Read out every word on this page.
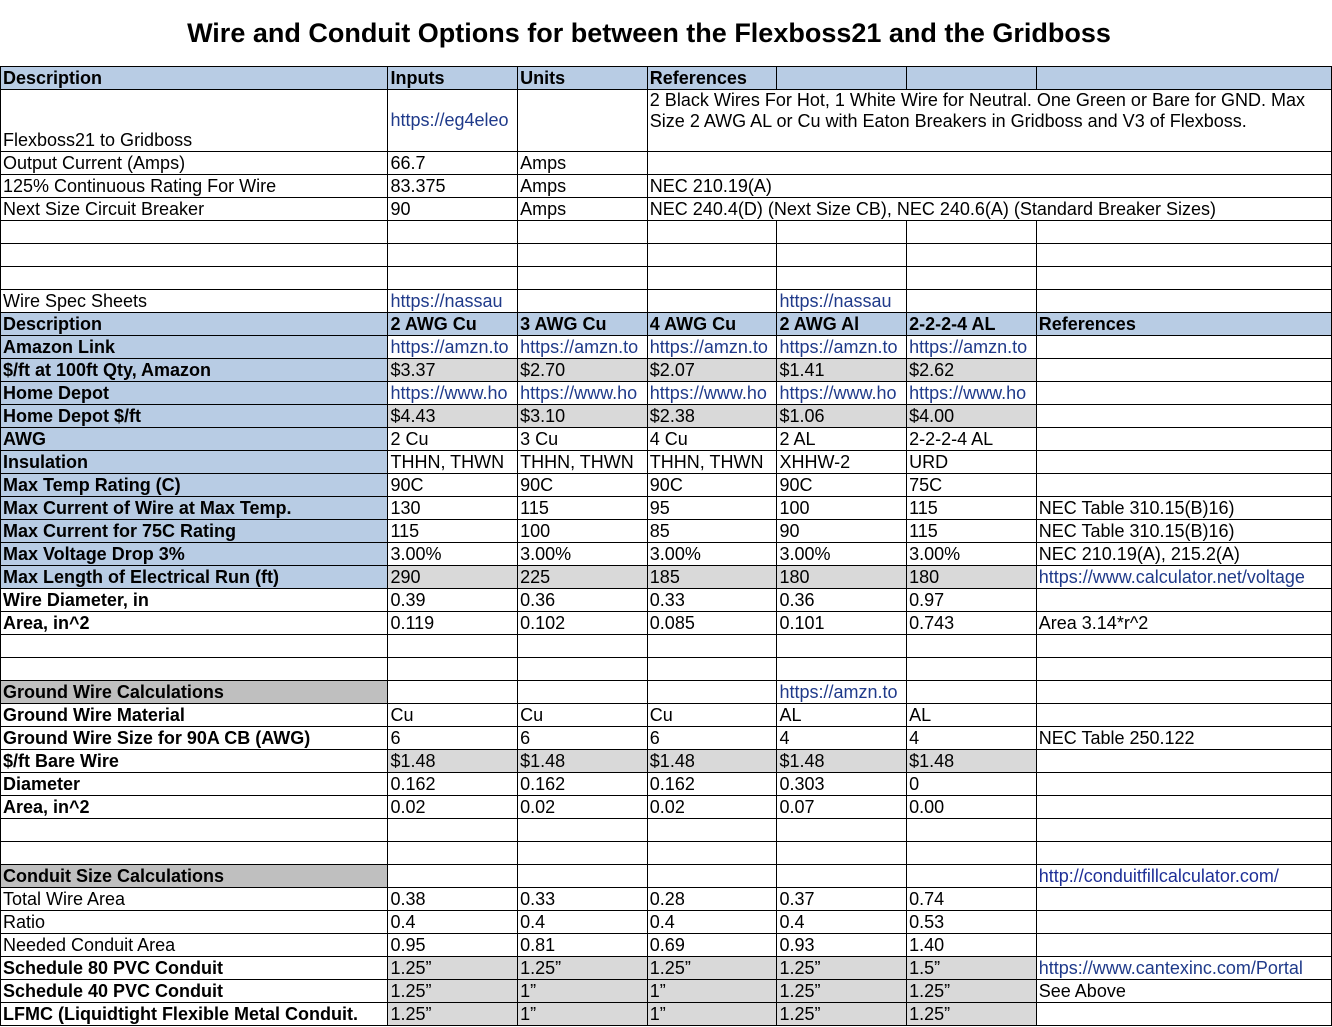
Wire and Conduit Options for between the Flexboss21 and the Gridboss
Description	Inputs	Units	References			
Flexboss21 to Gridboss	https://eg4eleo		2 Black Wires For Hot, 1 White Wire for Neutral. One Green or Bare for GND. Max Size 2 AWG AL or Cu with Eaton Breakers in Gridboss and V3 of Flexboss.			
Output Current (Amps)	66.7	Amps				
125% Continuous Rating For Wire	83.375	Amps	NEC 210.19(A)			
Next Size Circuit Breaker	90	Amps	NEC 240.4(D) (Next Size CB), NEC 240.6(A) (Standard Breaker Sizes)			

Wire Spec Sheets	https://nassau			https://nassau		
Description	2 AWG Cu	3 AWG Cu	4 AWG Cu	2 AWG Al	2-2-2-4 AL	References
Amazon Link	https://amzn.to	https://amzn.to	https://amzn.to	https://amzn.to	https://amzn.to	
$/ft at 100ft Qty, Amazon	$3.37	$2.70	$2.07	$1.41	$2.62	
Home Depot	https://www.ho	https://www.ho	https://www.ho	https://www.ho	https://www.ho	
Home Depot $/ft	$4.43	$3.10	$2.38	$1.06	$4.00	
AWG	2 Cu	3 Cu	4 Cu	2 AL	2-2-2-4 AL	
Insulation	THHN, THWN	THHN, THWN	THHN, THWN	XHHW-2	URD	
Max Temp Rating (C)	90C	90C	90C	90C	75C	
Max Current of Wire at Max Temp.	130	115	95	100	115	NEC Table 310.15(B)16)
Max Current for 75C Rating	115	100	85	90	115	NEC Table 310.15(B)16)
Max Voltage Drop 3%	3.00%	3.00%	3.00%	3.00%	3.00%	NEC 210.19(A), 215.2(A)
Max Length of Electrical Run (ft)	290	225	185	180	180	https://www.calculator.net/voltage
Wire Diameter, in	0.39	0.36	0.33	0.36	0.97	
Area, in^2	0.119	0.102	0.085	0.101	0.743	Area 3.14*r^2

Ground Wire Calculations				https://amzn.to		
Ground Wire Material	Cu	Cu	Cu	AL	AL	
Ground Wire Size for 90A CB (AWG)	6	6	6	4	4	NEC Table 250.122
$/ft Bare Wire	$1.48	$1.48	$1.48	$1.48	$1.48	
Diameter	0.162	0.162	0.162	0.303	0	
Area, in^2	0.02	0.02	0.02	0.07	0.00	

Conduit Size Calculations						http://conduitfillcalculator.com/
Total Wire Area	0.38	0.33	0.28	0.37	0.74	
Ratio	0.4	0.4	0.4	0.4	0.53	
Needed Conduit Area	0.95	0.81	0.69	0.93	1.40	
Schedule 80 PVC Conduit	1.25”	1.25”	1.25”	1.25”	1.5”	https://www.cantexinc.com/Portal
Schedule 40 PVC Conduit	1.25”	1”	1”	1.25”	1.25”	See Above
LFMC (Liquidtight Flexible Metal Conduit.	1.25”	1”	1”	1.25”	1.25”	
